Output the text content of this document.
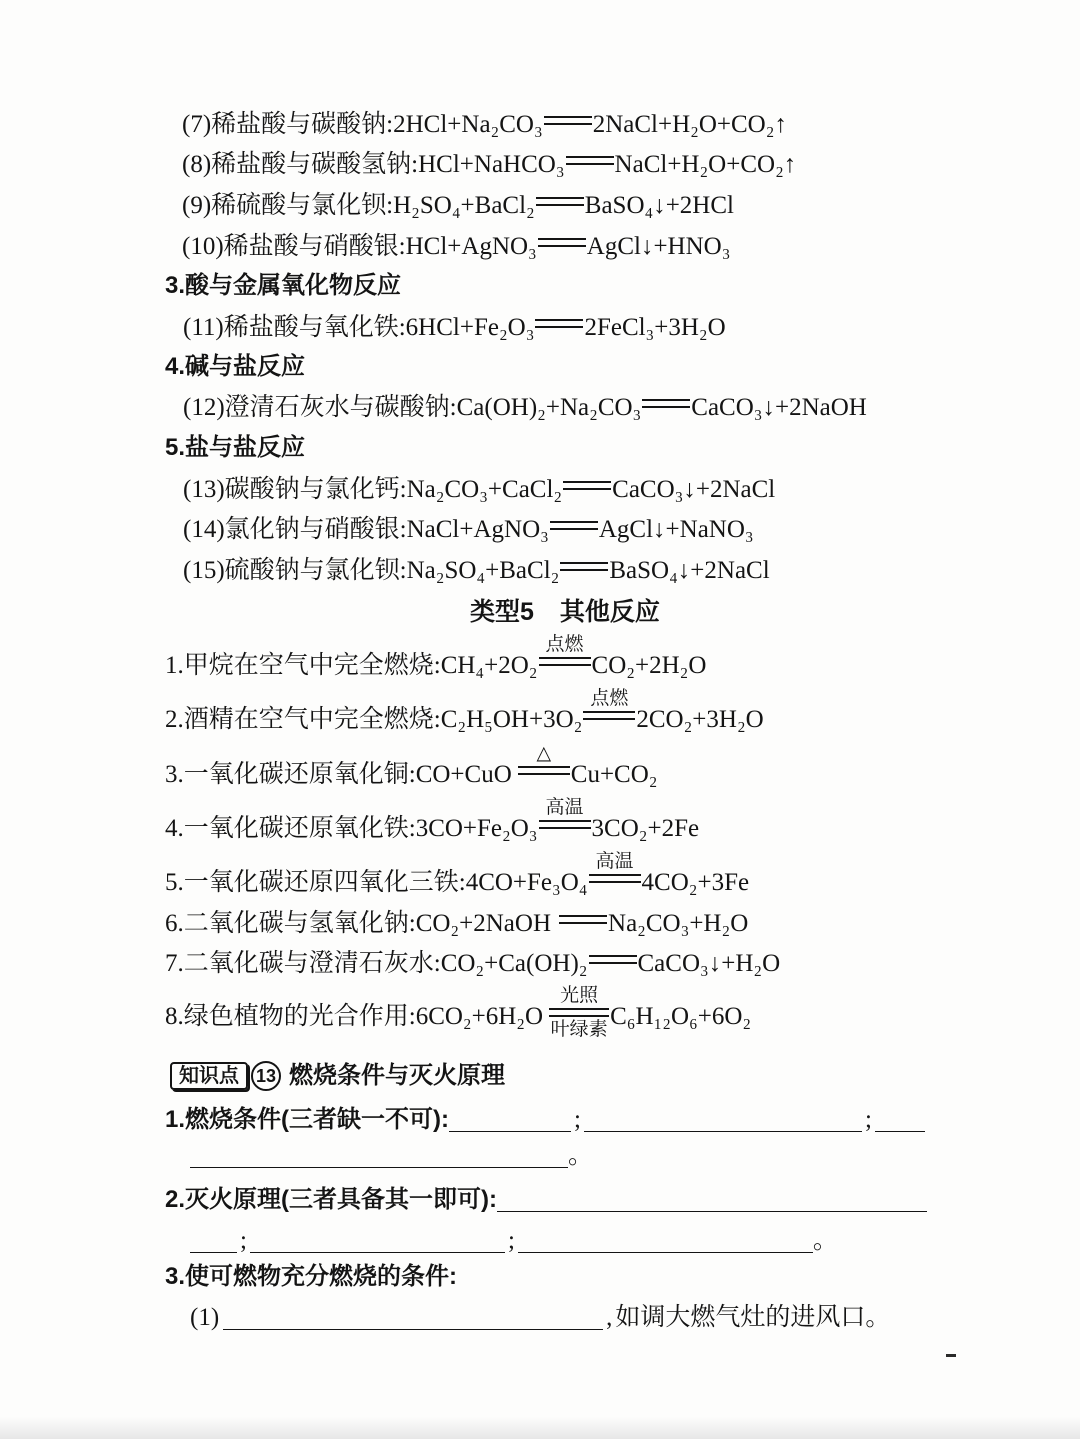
(7)稀盐酸与碳酸钠:2HCl+Na₂CO₃ 2NaCl+H₂O+CO₂↑
(8)稀盐酸与碳酸氢钠:HCl+NaHCO₃ NaCl+H₂O+CO₂↑
(9)稀硫酸与氯化钡:H₂SO₄+BaCl₂ BaSO₄↓+2HCl
(10)稀盐酸与硝酸银:HCl+AgNO₃ AgCl↓+HNO₃
3.酸与金属氧化物反应
(11)稀盐酸与氧化铁:6HCl+Fe₂O₃ 2FeCl₃+3H₂O
4.碱与盐反应
(12)澄清石灰水与碳酸钠:Ca(OH)₂+Na₂CO₃ CaCO₃↓+2NaOH
5.盐与盐反应
(13)碳酸钠与氯化钙:Na₂CO₃+CaCl₂ CaCO₃↓+2NaCl
(14)氯化钠与硝酸银:NaCl+AgNO₃ AgCl↓+NaNO₃
(15)硫酸钠与氯化钡:Na₂SO₄+BaCl₂ BaSO₄↓+2NaCl
类型5 其他反应
1.甲烷在空气中完全燃烧:CH₄+2O₂
点燃
CO₂+2H₂O
2.酒精在空气中完全燃烧:C₂H₅OH+3O₂
点燃
2CO₂+3H₂O
3.一氧化碳还原氧化铜:CO+CuO
△
Cu+CO₂
4.一氧化碳还原氧化铁:3CO+Fe₂O₃
高温
3CO₂+2Fe
5.一氧化碳还原四氧化三铁:4CO+Fe₃O₄
高温
4CO₂+3Fe
6.二氧化碳与氢氧化钠:CO₂+2NaOH Na₂CO₃+H₂O
7.二氧化碳与澄清石灰水:CO₂+Ca(OH)₂ CaCO₃↓+H₂O
8.绿色植物的光合作用:6CO₂+6H₂O
光照
叶绿素 C₆H₁₂O₆+6O₂
知识点 13 燃烧条件与灭火原理
1.燃烧条件(三者缺一不可):	;	;
。
2.灭火原理(三者具备其一即可):
;	;	。
3.使可燃物充分燃烧的条件:
(1)	, 如调大燃气灶的进风口。
